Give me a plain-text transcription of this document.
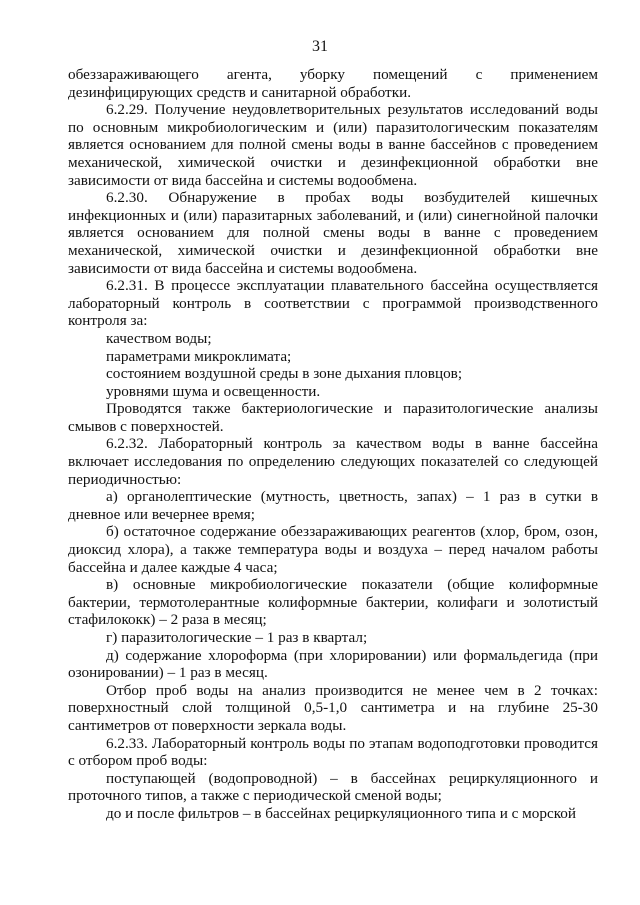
31

обеззараживающего агента, уборку помещений с применением дезинфицирующих средств и санитарной обработки.

6.2.29. Получение неудовлетворительных результатов исследований воды по основным микробиологическим и (или) паразитологическим показателям является основанием для полной смены воды в ванне бассейнов с проведением механической, химической очистки и дезинфекционной обработки вне зависимости от вида бассейна и системы водообмена.

6.2.30. Обнаружение в пробах воды возбудителей кишечных инфекционных и (или) паразитарных заболеваний, и (или) синегнойной палочки является основанием для полной смены воды в ванне с проведением механической, химической очистки и дезинфекционной обработки вне зависимости от вида бассейна и системы водообмена.

6.2.31. В процессе эксплуатации плавательного бассейна осуществляется лабораторный контроль в соответствии с программой производственного контроля за:

качеством воды;

параметрами микроклимата;

состоянием воздушной среды в зоне дыхания пловцов;

уровнями шума и освещенности.

Проводятся также бактериологические и паразитологические анализы смывов с поверхностей.

6.2.32. Лабораторный контроль за качеством воды в ванне бассейна включает исследования по определению следующих показателей со следующей периодичностью:

а) органолептические (мутность, цветность, запах) – 1 раз в сутки в дневное или вечернее время;

б) остаточное содержание обеззараживающих реагентов (хлор, бром, озон, диоксид хлора), а также температура воды и воздуха – перед началом работы бассейна и далее каждые 4 часа;

в) основные микробиологические показатели (общие колиформные бактерии, термотолерантные колиформные бактерии, колифаги и золотистый стафилококк) – 2 раза в месяц;

г) паразитологические – 1 раз в квартал;

д) содержание хлороформа (при хлорировании) или формальдегида (при озонировании) – 1 раз в месяц.

Отбор проб воды на анализ производится не менее чем в 2 точках: поверхностный слой толщиной 0,5-1,0 сантиметра и на глубине 25-30 сантиметров от поверхности зеркала воды.

6.2.33. Лабораторный контроль воды по этапам водоподготовки проводится с отбором проб воды:

поступающей (водопроводной) – в бассейнах рециркуляционного и проточного типов, а также с периодической сменой воды;

до и после фильтров – в бассейнах рециркуляционного типа и с морской
